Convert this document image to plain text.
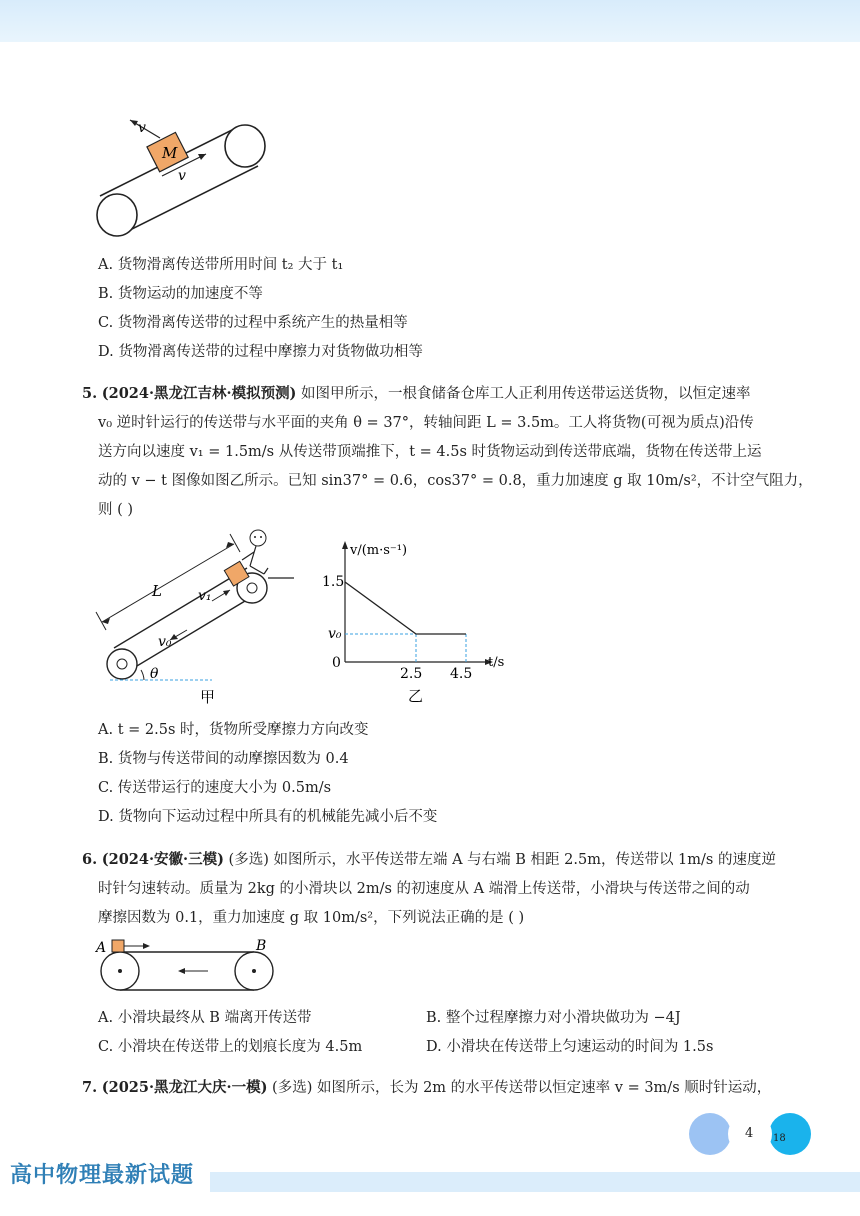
M
v
v
A. 货物滑离传送带所用时间 t₂ 大于 t₁
B. 货物运动的加速度不等
C. 货物滑离传送带的过程中系统产生的热量相等
D. 货物滑离传送带的过程中摩擦力对货物做功相等
5. (2024·黑龙江吉林·模拟预测) 如图甲所示，一根食储备仓库工人正利用传送带运送货物，以恒定速率
v₀ 逆时针运行的传送带与水平面的夹角 θ = 37°，转轴间距 L = 3.5m。工人将货物(可视为质点)沿传
送方向以速度 v₁ = 1.5m/s 从传送带顶端推下，t = 4.5s 时货物运动到传送带底端，货物在传送带上运
动的 v − t 图像如图乙所示。已知 sin37° = 0.6，cos37° = 0.8，重力加速度 g 取 10m/s²，不计空气阻力，
则 ( )
θ
L	v₁
v₀
甲
v/(m·s⁻¹)
t/s
1.5
v₀
0
2.5 4.5
乙
A. t = 2.5s 时，货物所受摩擦力方向改变
B. 货物与传送带间的动摩擦因数为 0.4
C. 传送带运行的速度大小为 0.5m/s
D. 货物向下运动过程中所具有的机械能先减小后不变
6. (2024·安徽·三模) (多选) 如图所示，水平传送带左端 A 与右端 B 相距 2.5m，传送带以 1m/s 的速度逆
时针匀速转动。质量为 2kg 的小滑块以 2m/s 的初速度从 A 端滑上传送带，小滑块与传送带之间的动
摩擦因数为 0.1，重力加速度 g 取 10m/s²，下列说法正确的是 ( )
A	B
A. 小滑块最终从 B 端离开传送带	B. 整个过程摩擦力对小滑块做功为 −4J
C. 小滑块在传送带上的划痕长度为 4.5m	D. 小滑块在传送带上匀速运动的时间为 1.5s
7. (2025·黑龙江大庆·一模) (多选) 如图所示，长为 2m 的水平传送带以恒定速率 v = 3m/s 顺时针运动，
4 18
高中物理最新试题
